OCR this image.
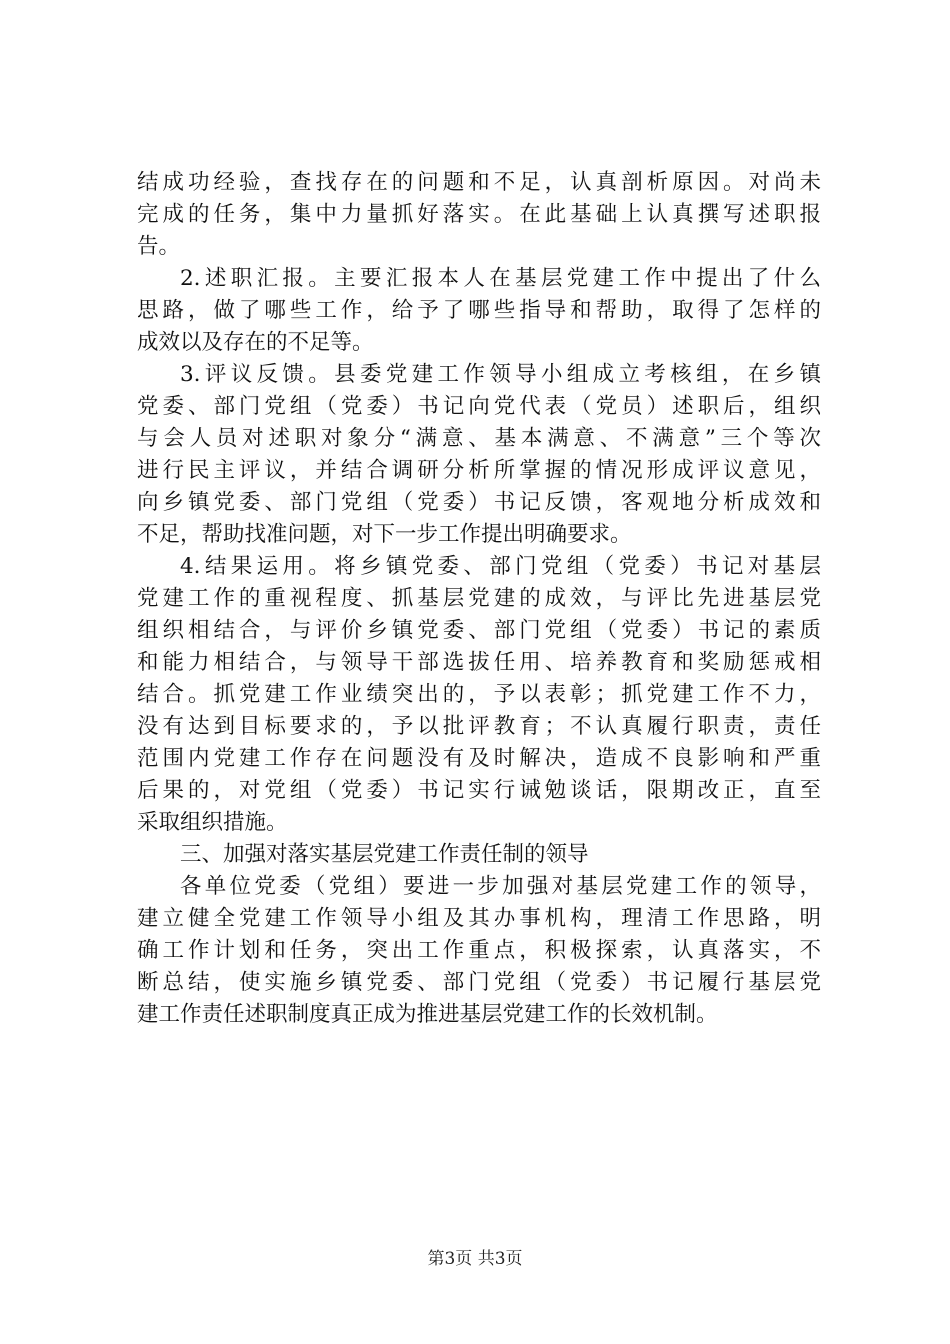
结成功经验，查找存在的问题和不足，认真剖析原因。对尚未
完成的任务，集中力量抓好落实。在此基础上认真撰写述职报
告。
2.述职汇报。主要汇报本人在基层党建工作中提出了什么
思路，做了哪些工作，给予了哪些指导和帮助，取得了怎样的
成效以及存在的不足等。
3.评议反馈。县委党建工作领导小组成立考核组，在乡镇
党委、部门党组（党委）书记向党代表（党员）述职后，组织
与会人员对述职对象分“满意、基本满意、不满意”三个等次
进行民主评议，并结合调研分析所掌握的情况形成评议意见，
向乡镇党委、部门党组（党委）书记反馈，客观地分析成效和
不足，帮助找准问题，对下一步工作提出明确要求。
4.结果运用。将乡镇党委、部门党组（党委）书记对基层
党建工作的重视程度、抓基层党建的成效，与评比先进基层党
组织相结合，与评价乡镇党委、部门党组（党委）书记的素质
和能力相结合，与领导干部选拔任用、培养教育和奖励惩戒相
结合。抓党建工作业绩突出的，予以表彰；抓党建工作不力，
没有达到目标要求的，予以批评教育；不认真履行职责，责任
范围内党建工作存在问题没有及时解决，造成不良影响和严重
后果的，对党组（党委）书记实行诫勉谈话，限期改正，直至
采取组织措施。
三、加强对落实基层党建工作责任制的领导
各单位党委（党组）要进一步加强对基层党建工作的领导，
建立健全党建工作领导小组及其办事机构，理清工作思路，明
确工作计划和任务，突出工作重点，积极探索，认真落实，不
断总结，使实施乡镇党委、部门党组（党委）书记履行基层党
建工作责任述职制度真正成为推进基层党建工作的长效机制。
第3页 共3页
